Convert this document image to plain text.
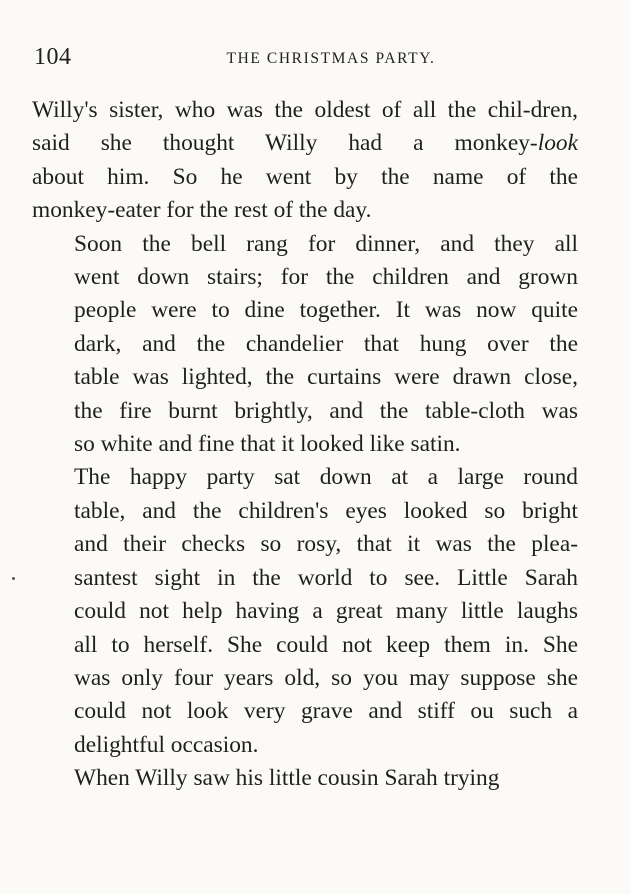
104	THE CHRISTMAS PARTY.

Willy's sister, who was the oldest of all the chil-dren,
said she thought Willy had a monkey-look
about him. So he went by the name of the
monkey-eater for the rest of the day.

Soon the bell rang for dinner, and they all
went down stairs; for the children and grown
people were to dine together. It was now quite
dark, and the chandelier that hung over the
table was lighted, the curtains were drawn close,
the fire burnt brightly, and the table-cloth was
so white and fine that it looked like satin.

The happy party sat down at a large round
table, and the children's eyes looked so bright
and their checks so rosy, that it was the plea-
santest sight in the world to see. Little Sarah
could not help having a great many little laughs
all to herself. She could not keep them in. She
was only four years old, so you may suppose she
could not look very grave and stiff ou such a
delightful occasion.

When Willy saw his little cousin Sarah trying
